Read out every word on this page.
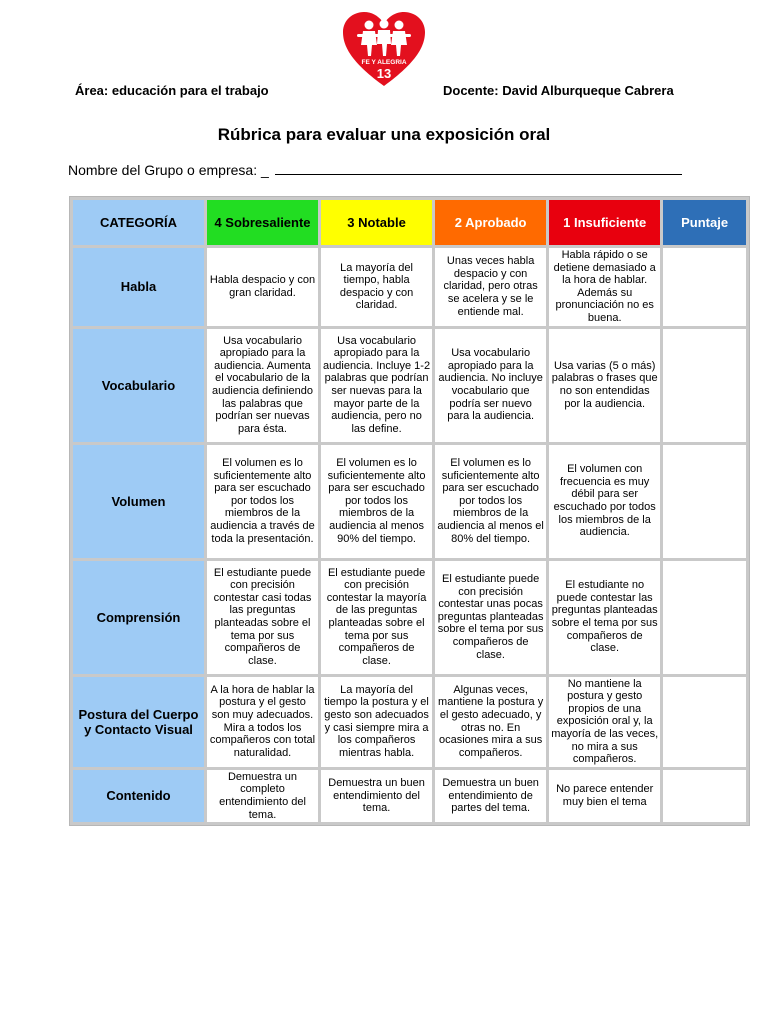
FE Y ALEGRIA
13
Área: educación para el trabajo	Docente: David Alburqueque Cabrera
Rúbrica para evaluar una exposición oral
Nombre del Grupo o empresa: _
CATEGORÍA	4 Sobresaliente	3 Notable	2 Aprobado	1 Insuficiente	Puntaje
Habla	Habla despacio y con gran claridad.	La mayoría del tiempo, habla despacio y con claridad.	Unas veces habla despacio y con claridad, pero otras se acelera y se le entiende mal.	Habla rápido o se detiene demasiado a la hora de hablar. Además su pronunciación no es buena.	
Vocabulario	Usa vocabulario apropiado para la audiencia. Aumenta el vocabulario de la audiencia definiendo las palabras que podrían ser nuevas para ésta.	Usa vocabulario apropiado para la audiencia. Incluye 1-2 palabras que podrían ser nuevas para la mayor parte de la audiencia, pero no las define.	Usa vocabulario apropiado para la audiencia. No incluye vocabulario que podría ser nuevo para la audiencia.	Usa varias (5 o más) palabras o frases que no son entendidas por la audiencia.	
Volumen	El volumen es lo suficientemente alto para ser escuchado por todos los miembros de la audiencia a través de toda la presentación.	El volumen es lo suficientemente alto para ser escuchado por todos los miembros de la audiencia al menos 90% del tiempo.	El volumen es lo suficientemente alto para ser escuchado por todos los miembros de la audiencia al menos el 80% del tiempo.	El volumen con frecuencia es muy débil para ser escuchado por todos los miembros de la audiencia.	
Comprensión	El estudiante puede con precisión contestar casi todas las preguntas planteadas sobre el tema por sus compañeros de clase.	El estudiante puede con precisión contestar la mayoría de las preguntas planteadas sobre el tema por sus compañeros de clase.	El estudiante puede con precisión contestar unas pocas preguntas planteadas sobre el tema por sus compañeros de clase.	El estudiante no puede contestar las preguntas planteadas sobre el tema por sus compañeros de clase.	
Postura del Cuerpo y Contacto Visual	A la hora de hablar la postura y el gesto son muy adecuados. Mira a todos los compañeros con total naturalidad.	La mayoría del tiempo la postura y el gesto son adecuados y casi siempre mira a los compañeros mientras habla.	Algunas veces, mantiene la postura y el gesto adecuado, y otras no. En ocasiones mira a sus compañeros.	No mantiene la postura y gesto propios de una exposición oral y, la mayoría de las veces, no mira a sus compañeros.	
Contenido	Demuestra un completo entendimiento del tema.	Demuestra un buen entendimiento del tema.	Demuestra un buen entendimiento de partes del tema.	No parece entender muy bien el tema	
